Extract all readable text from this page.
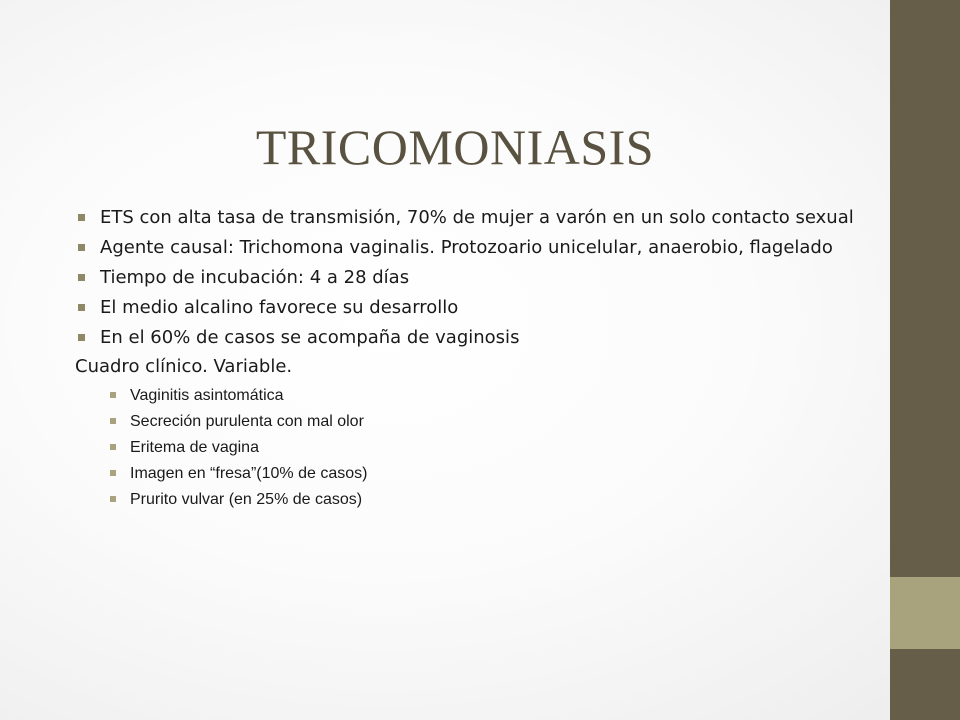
TRICOMONIASIS
ETS con alta tasa de transmisión, 70% de mujer a varón en un solo contacto sexual
Agente causal: Trichomona vaginalis. Protozoario unicelular, anaerobio, flagelado
Tiempo de incubación: 4 a 28 días
El medio alcalino favorece su desarrollo
En el 60% de casos se acompaña de vaginosis
Cuadro clínico. Variable.
Vaginitis asintomática
Secreción purulenta con mal olor
Eritema de vagina
Imagen en “fresa”(10% de casos)
Prurito vulvar (en 25% de casos)
